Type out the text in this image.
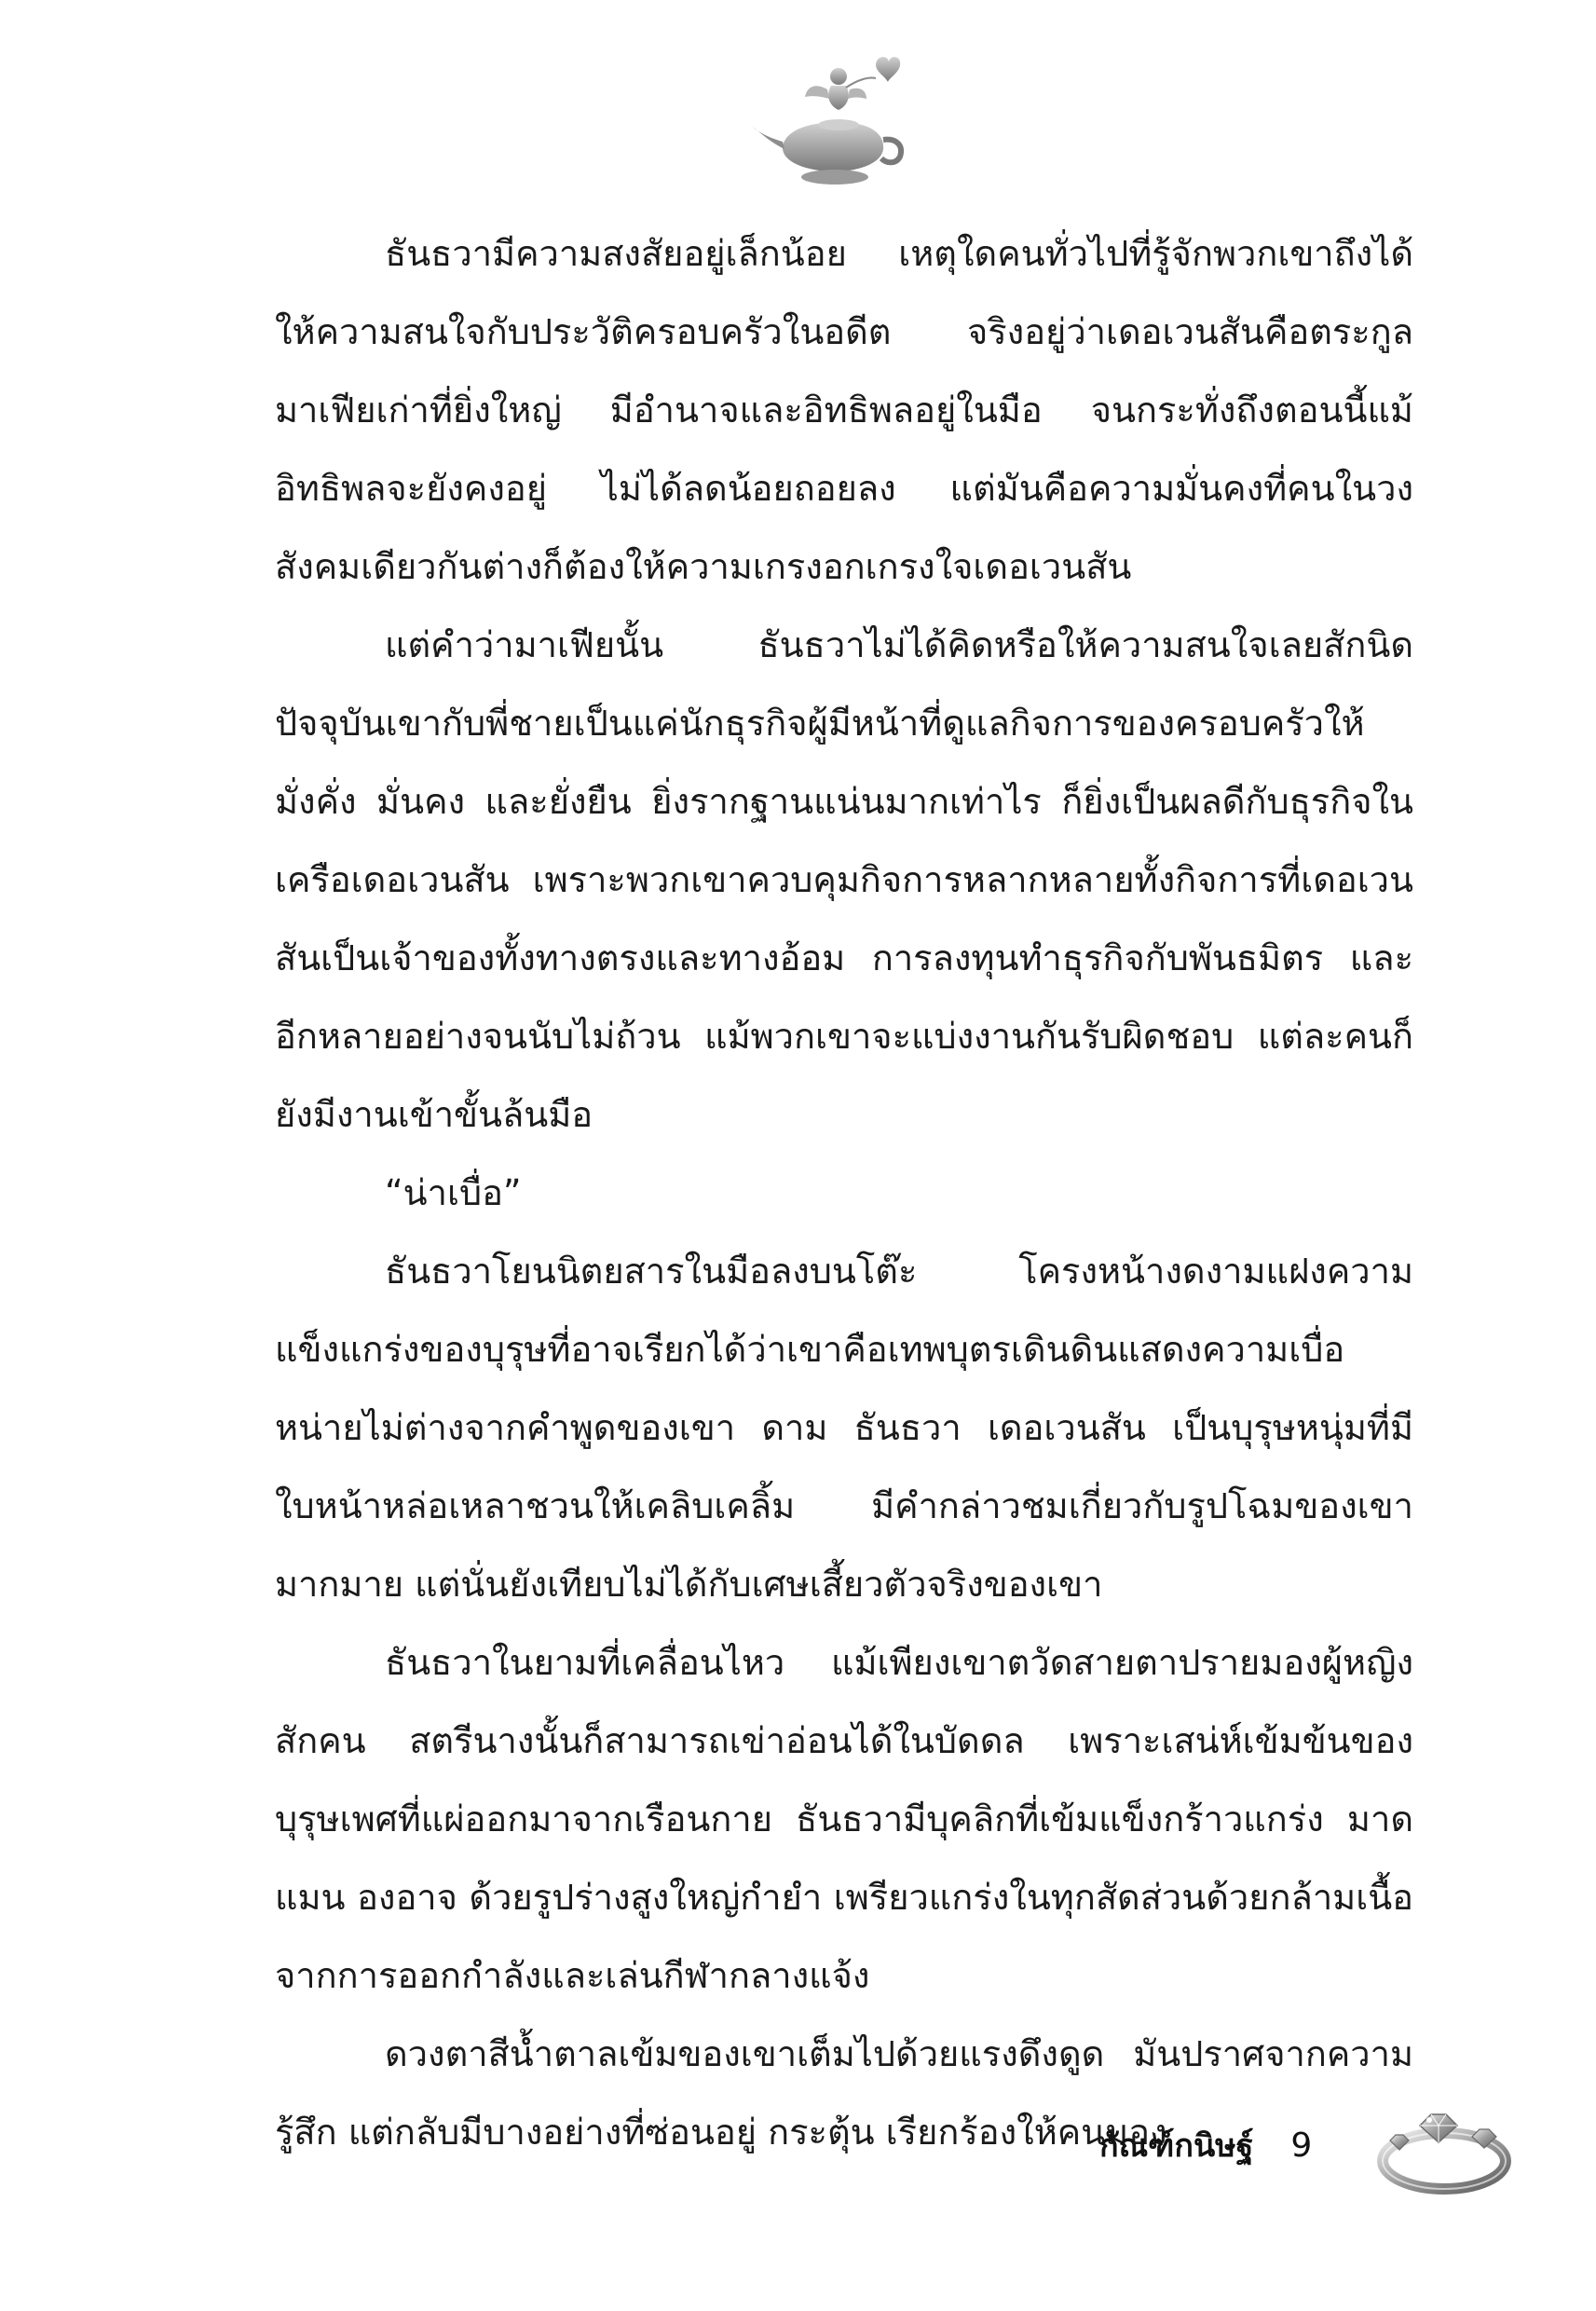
ธันธวามีความสงสัยอยู่เล็กน้อย เหตุใดคนทั่วไปที่รู้จักพวกเขาถึงได้ให้ความสนใจกับประวัติครอบครัวในอดีต จริงอยู่ว่าเดอเวนสันคือตระกูลมาเฟียเก่าที่ยิ่งใหญ่ มีอำนาจและอิทธิพลอยู่ในมือ จนกระทั่งถึงตอนนี้แม้อิทธิพลจะยังคงอยู่ ไม่ได้ลดน้อยถอยลง แต่มันคือความมั่นคงที่คนในวงสังคมเดียวกันต่างก็ต้องให้ความเกรงอกเกรงใจเดอเวนสัน

แต่คำว่ามาเฟียนั้น ธันธวาไม่ได้คิดหรือให้ความสนใจเลยสักนิด ปัจจุบันเขากับพี่ชายเป็นแค่นักธุรกิจผู้มีหน้าที่ดูแลกิจการของครอบครัวให้มั่งคั่ง มั่นคง และยั่งยืน ยิ่งรากฐานแน่นมากเท่าไร ก็ยิ่งเป็นผลดีกับธุรกิจในเครือเดอเวนสัน เพราะพวกเขาควบคุมกิจการหลากหลายทั้งกิจการที่เดอเวนสันเป็นเจ้าของทั้งทางตรงและทางอ้อม การลงทุนทำธุรกิจกับพันธมิตร และอีกหลายอย่างจนนับไม่ถ้วน แม้พวกเขาจะแบ่งงานกันรับผิดชอบ แต่ละคนก็ยังมีงานเข้าขั้นล้นมือ

“น่าเบื่อ”

ธันธวาโยนนิตยสารในมือลงบนโต๊ะ โครงหน้างดงามแฝงความแข็งแกร่งของบุรุษที่อาจเรียกได้ว่าเขาคือเทพบุตรเดินดินแสดงความเบื่อหน่ายไม่ต่างจากคำพูดของเขา ดาม ธันธวา เดอเวนสัน เป็นบุรุษหนุ่มที่มีใบหน้าหล่อเหลาชวนให้เคลิบเคลิ้ม มีคำกล่าวชมเกี่ยวกับรูปโฉมของเขามากมาย แต่นั่นยังเทียบไม่ได้กับเศษเสี้ยวตัวจริงของเขา

ธันธวาในยามที่เคลื่อนไหว แม้เพียงเขาตวัดสายตาปรายมองผู้หญิงสักคน สตรีนางนั้นก็สามารถเข่าอ่อนได้ในบัดดล เพราะเสน่ห์เข้มข้นของบุรุษเพศที่แผ่ออกมาจากเรือนกาย ธันธวามีบุคลิกที่เข้มแข็งกร้าวแกร่ง มาดแมน องอาจ ด้วยรูปร่างสูงใหญ่กำยำ เพรียวแกร่งในทุกสัดส่วนด้วยกล้ามเนื้อจากการออกกำลังและเล่นกีฬากลางแจ้ง

ดวงตาสีน้ำตาลเข้มของเขาเต็มไปด้วยแรงดึงดูด มันปราศจากความรู้สึก แต่กลับมีบางอย่างที่ซ่อนอยู่ กระตุ้น เรียกร้องให้คนมอง

กัณฑ์กนิษฐ์ 9
